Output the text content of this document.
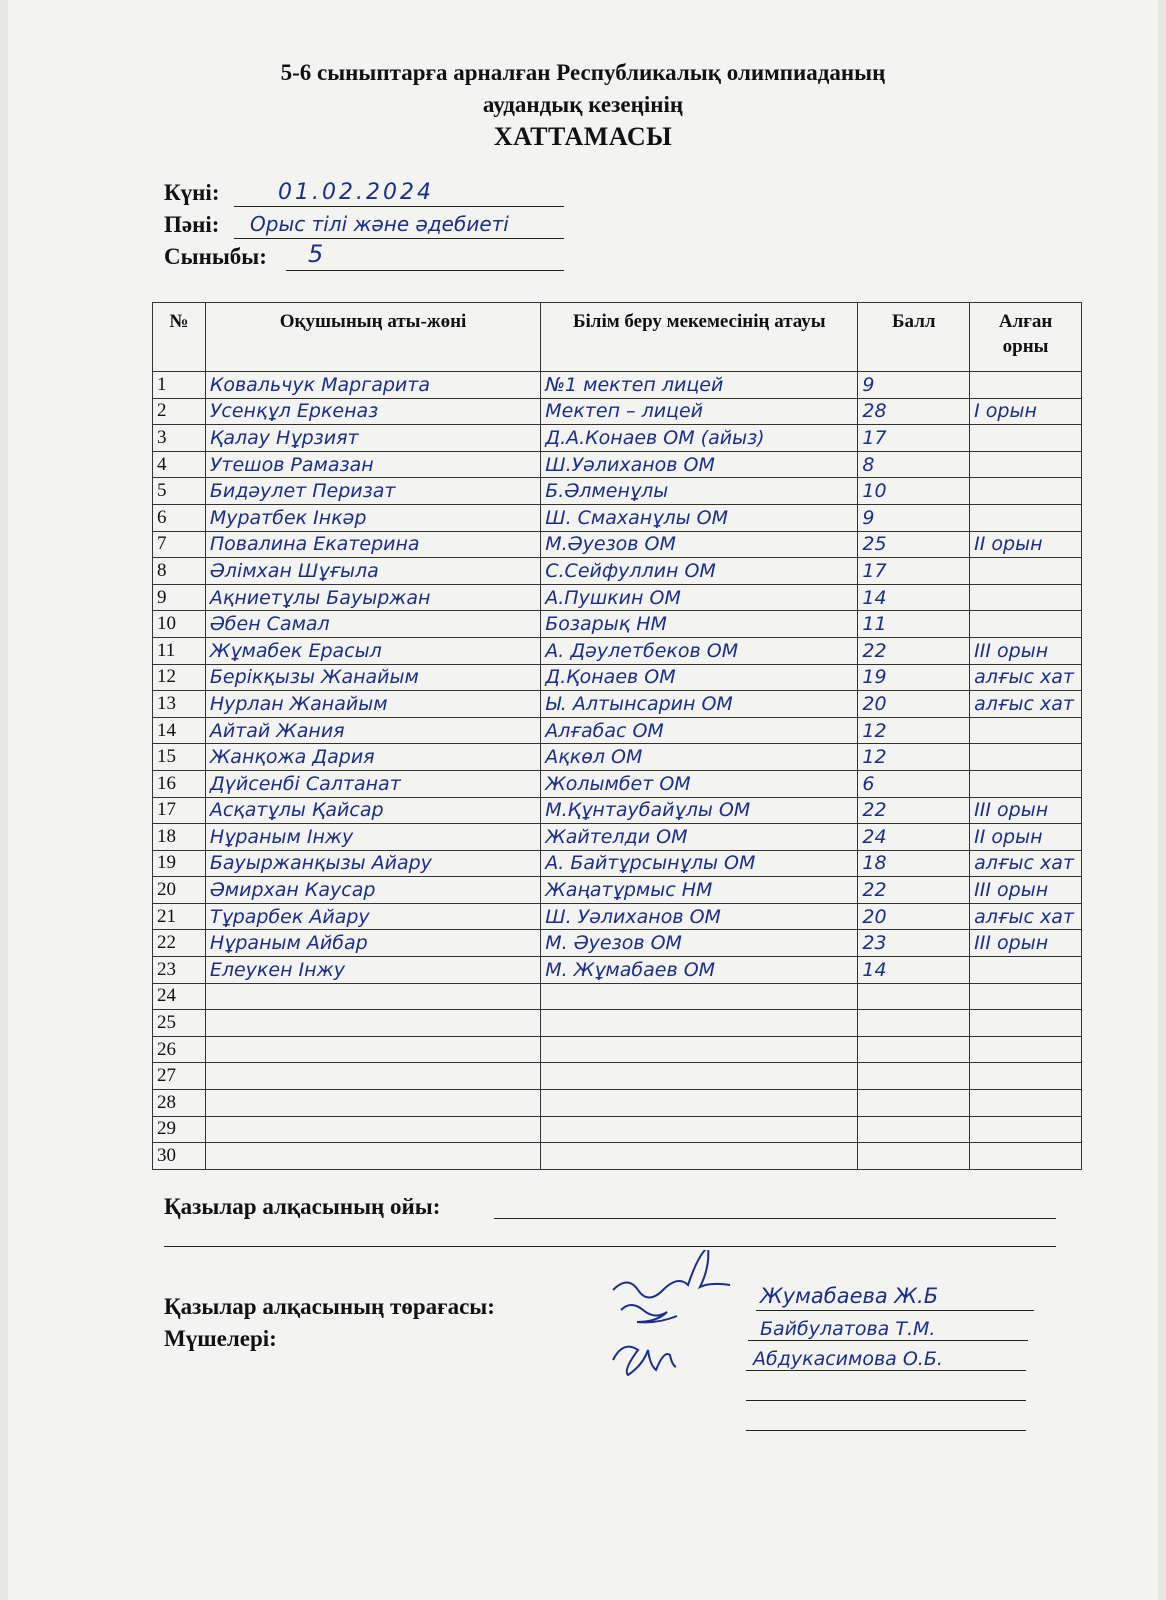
5-6 сыныптарға арналған Республикалық олимпиаданың
аудандық кезеңінің
ХАТТАМАСЫ
Күні:	01.02.2024
Пәні: Орыс тілі және әдебиеті
Сыныбы: 5
№	Оқушының аты-жөні	Білім беру мекемесінің атауы	Балл	Алған орны
1	Ковальчук Маргарита	№1 мектеп лицей	9	
2	Усенқұл Еркеназ	Мектеп – лицей	28	I орын
3	Қалау Нұрзият	Д.А.Конаев ОМ (айыз)	17	
4	Утешов Рамазан	Ш.Уәлиханов ОМ	8	
5	Бидәулет Перизат	Б.Әлменұлы	10	
6	Муратбек Інкәр	Ш. Смаханұлы ОМ	9	
7	Повалина Екатерина	М.Әуезов ОМ	25	II орын
8	Әлімхан Шұғыла	С.Сейфуллин ОМ	17	
9	Ақниетұлы Бауыржан	А.Пушкин ОМ	14	
10	Әбен Самал	Бозарық НМ	11	
11	Жұмабек Ерасыл	А. Дәулетбеков ОМ	22	III орын
12	Берікқызы Жанайым	Д.Қонаев ОМ	19	алғыс хат
13	Нурлан Жанайым	Ы. Алтынсарин ОМ	20	алғыс хат
14	Айтай Жания	Алғабас ОМ	12	
15	Жанқожа Дария	Ақкөл ОМ	12	
16	Дүйсенбі Салтанат	Жолымбет ОМ	6	
17	Асқатұлы Қайсар	М.Құнтаубайұлы ОМ	22	III орын
18	Нұраным Інжу	Жайтелди ОМ	24	II орын
19	Бауыржанқызы Айару	А. Байтұрсынұлы ОМ	18	алғыс хат
20	Әмирхан Каусар	Жаңатұрмыс НМ	22	III орын
21	Тұрарбек Айару	Ш. Уәлиханов ОМ	20	алғыс хат
22	Нұраным Айбар	М. Әуезов ОМ	23	III орын
23	Елеукен Інжу	М. Жұмабаев ОМ	14	
24				
25				
26				
27				
28				
29				
30				
Қазылар алқасының ойы:
Қазылар алқасының төрағасы:
Мүшелері:
Жумабаева Ж.Б
Байбулатова Т.М.
Абдукасимова О.Б.
